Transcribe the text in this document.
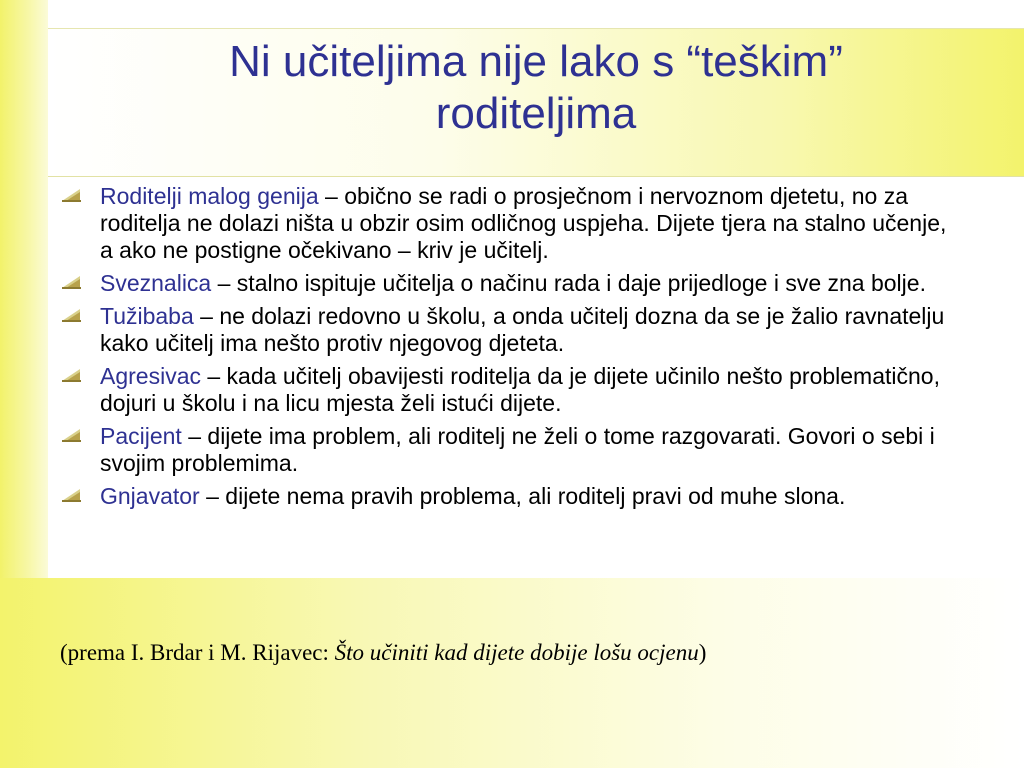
Ni učiteljima nije lako s “teškim”
roditeljima
Roditelji malog genija – obično se radi o prosječnom i nervoznom djetetu, no za roditelja ne dolazi ništa u obzir osim odličnog uspjeha. Dijete tjera na stalno učenje, a ako ne postigne očekivano – kriv je učitelj.
Sveznalica – stalno ispituje učitelja o načinu rada i daje prijedloge i sve zna bolje.
Tužibaba – ne dolazi redovno u školu, a onda učitelj dozna da se je žalio ravnatelju kako učitelj ima nešto protiv njegovog djeteta.
Agresivac – kada učitelj obavijesti roditelja da je dijete učinilo nešto problematično, dojuri u školu i na licu mjesta želi istući dijete.
Pacijent – dijete ima problem, ali roditelj ne želi o tome razgovarati. Govori o sebi i svojim problemima.
Gnjavator – dijete nema pravih problema, ali roditelj pravi od muhe slona.
(prema I. Brdar i M. Rijavec: Što učiniti kad dijete dobije lošu ocjenu)
